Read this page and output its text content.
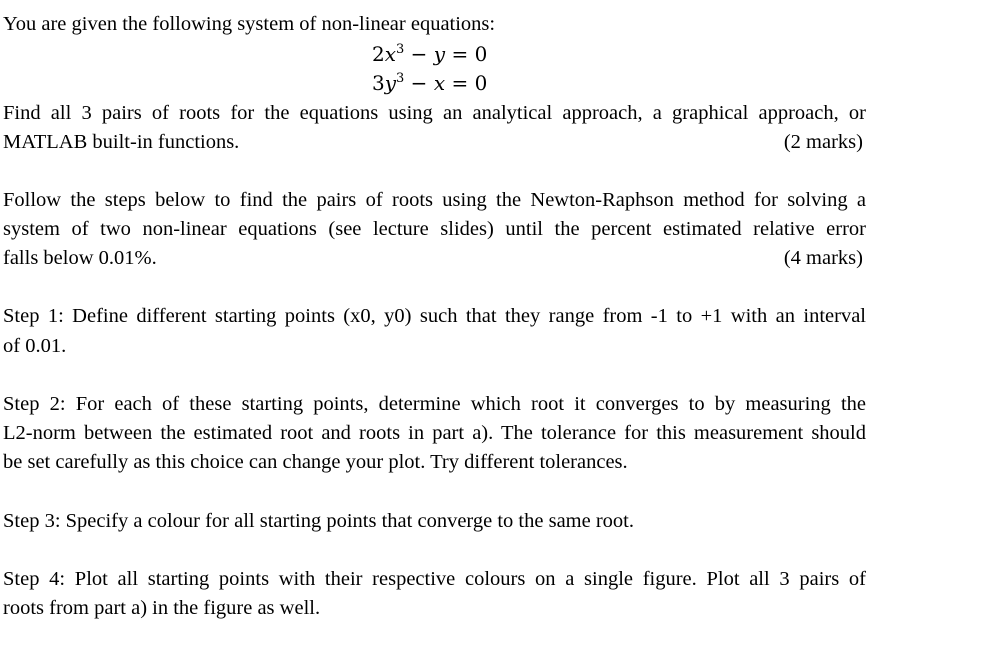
You are given the following system of non-linear equations:
$2x^3 - y = 0$
$3y^3 - x = 0$
Find all 3 pairs of roots for the equations using an analytical approach, a graphical approach, or
MATLAB built-in functions.	(2 marks)
Follow the steps below to find the pairs of roots using the Newton-Raphson method for solving a
system of two non-linear equations (see lecture slides) until the percent estimated relative error
falls below 0.01%.	(4 marks)
Step 1: Define different starting points (x0, y0) such that they range from -1 to +1 with an interval
of 0.01.
Step 2: For each of these starting points, determine which root it converges to by measuring the
L2-norm between the estimated root and roots in part a). The tolerance for this measurement should
be set carefully as this choice can change your plot. Try different tolerances.
Step 3: Specify a colour for all starting points that converge to the same root.
Step 4: Plot all starting points with their respective colours on a single figure. Plot all 3 pairs of
roots from part a) in the figure as well.
